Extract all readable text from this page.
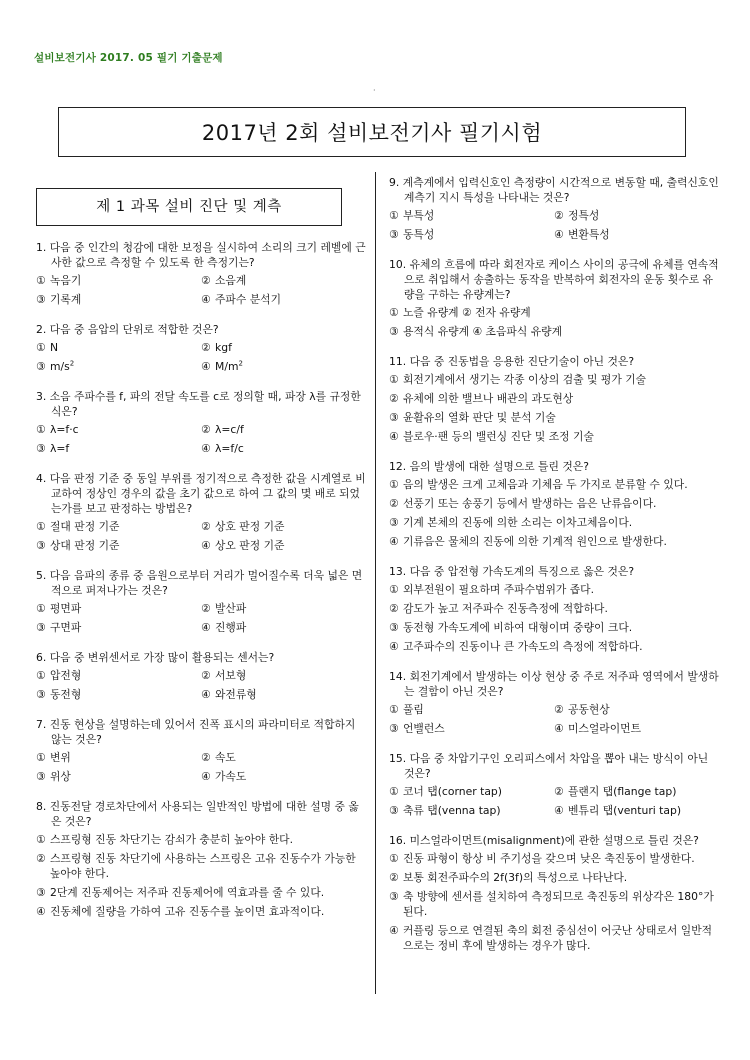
설비보전기사 2017. 05 필기 기출문제
·
2017년 2회 설비보전기사 필기시험
제 1 과목 설비 진단 및 계측
1. 다음 중 인간의 청감에 대한 보정을 실시하여 소리의 크기 레벨에 근사한 값으로 측정할 수 있도록 한 측정기는?
① 녹음기	② 소음계
③ 기록계	④ 주파수 분석기
2. 다음 중 음압의 단위로 적합한 것은?
① N	② kgf
③ $m/s^2$	④ $M/m^2$
3. 소음 주파수를 f, 파의 전달 속도를 c로 정의할 때, 파장 λ를 규정한 식은?
① λ=f·c	② λ=c/f
③ λ=f	④ λ=f/c
4. 다음 판정 기준 중 동일 부위를 정기적으로 측정한 값을 시계열로 비교하여 정상인 경우의 값을 초기 값으로 하여 그 값의 몇 배로 되었는가를 보고 판정하는 방법은?
① 절대 판정 기준	② 상호 판정 기준
③ 상대 판정 기준	④ 상오 판정 기준
5. 다음 음파의 종류 중 음원으로부터 거리가 멀어질수록 더욱 넓은 면적으로 퍼져나가는 것은?
① 평면파	② 발산파
③ 구면파	④ 진행파
6. 다음 중 변위센서로 가장 많이 활용되는 센서는?
① 압전형	② 서보형
③ 동전형	④ 와전류형
7. 진동 현상을 설명하는데 있어서 진폭 표시의 파라미터로 적합하지 않는 것은?
① 변위	② 속도
③ 위상	④ 가속도
8. 진동전달 경로차단에서 사용되는 일반적인 방법에 대한 설명 중 옳은 것은?
① 스프링형 진동 차단기는 감쇠가 충분히 높아야 한다.
② 스프링형 진동 차단기에 사용하는 스프링은 고유 진동수가 가능한 높아야 한다.
③ 2단계 진동제어는 저주파 진동제어에 역효과를 줄 수 있다.
④ 진동체에 질량을 가하여 고유 진동수를 높이면 효과적이다.
9. 계측계에서 입력신호인 측정량이 시간적으로 변동할 때, 출력신호인 계측기 지시 특성을 나타내는 것은?
① 부특성	② 정특성
③ 동특성	④ 변환특성
10. 유체의 흐름에 따라 회전자로 케이스 사이의 공극에 유체를 연속적으로 취입해서 송출하는 동작을 반복하여 회전자의 운동 횟수로 유량을 구하는 유량계는?
① 노즐 유량계 ② 전자 유량계
③ 용적식 유량계 ④ 초음파식 유량계
11. 다음 중 진동법을 응용한 진단기술이 아닌 것은?
① 회전기계에서 생기는 각종 이상의 검출 및 평가 기술
② 유체에 의한 밸브나 배관의 과도현상
③ 윤활유의 열화 판단 및 분석 기술
④ 블로우·팬 등의 밸런싱 진단 및 조정 기술
12. 음의 발생에 대한 설명으로 틀린 것은?
① 음의 발생은 크게 고체음과 기체음 두 가지로 분류할 수 있다.
② 선풍기 또는 송풍기 등에서 발생하는 음은 난류음이다.
③ 기계 본체의 진동에 의한 소리는 이차고체음이다.
④ 기류음은 물체의 진동에 의한 기계적 원인으로 발생한다.
13. 다음 중 압전형 가속도계의 특징으로 옳은 것은?
① 외부전원이 필요하며 주파수범위가 좁다.
② 감도가 높고 저주파수 진동측정에 적합하다.
③ 동전형 가속도계에 비하여 대형이며 중량이 크다.
④ 고주파수의 진동이나 큰 가속도의 측정에 적합하다.
14. 회전기계에서 발생하는 이상 현상 중 주로 저주파 영역에서 발생하는 결함이 아닌 것은?
① 풀림	② 공동현상
③ 언밸런스	④ 미스얼라이먼트
15. 다음 중 차압기구인 오리피스에서 차압을 뽑아 내는 방식이 아닌 것은?
① 코너 탭(corner tap)	② 플랜지 탭(flange tap)
③ 축류 탭(venna tap)	④ 벤튜리 탭(venturi tap)
16. 미스얼라이먼트(misalignment)에 관한 설명으로 틀린 것은?
① 진동 파형이 항상 비 주기성을 갖으며 낮은 축진동이 발생한다.
② 보통 회전주파수의 2f(3f)의 특성으로 나타난다.
③ 축 방향에 센서를 설치하여 측정되므로 축진동의 위상각은 180°가 된다.
④ 커플링 등으로 연결된 축의 회전 중심선이 어긋난 상태로서 일반적으로는 정비 후에 발생하는 경우가 많다.
